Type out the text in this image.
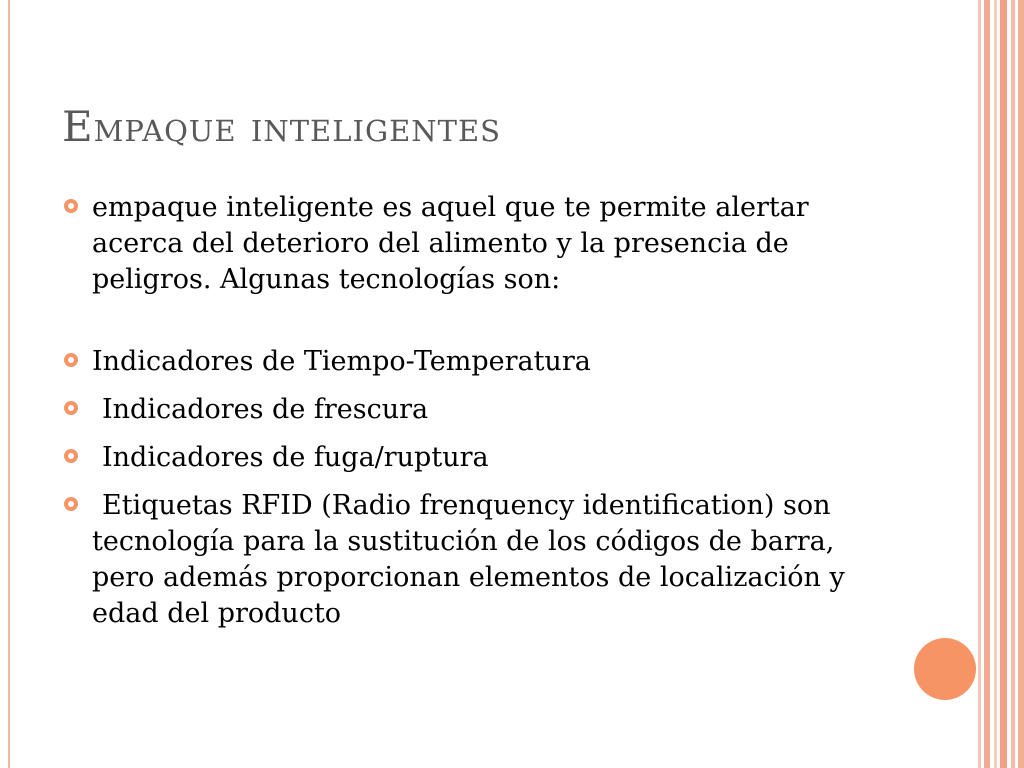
Empaque inteligentes
empaque inteligente es aquel que te permite alertar acerca del deterioro del alimento y la presencia de peligros. Algunas tecnologías son:
Indicadores de Tiempo-Temperatura
Indicadores de frescura
Indicadores de fuga/ruptura
Etiquetas RFID (Radio frenquency identification) son tecnología para la sustitución de los códigos de barra, pero además proporcionan elementos de localización y edad del producto
